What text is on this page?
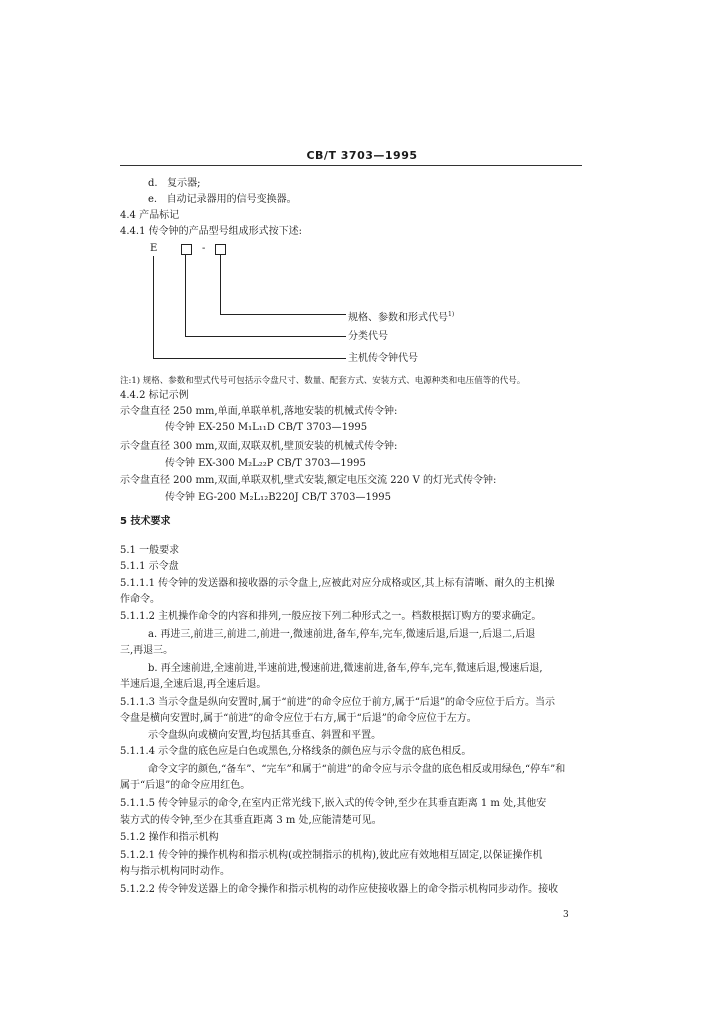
CB/T 3703—1995
d. 复示器;
e. 自动记录器用的信号变换器。
4.4 产品标记
4.4.1 传令钟的产品型号组成形式按下述:
E	-
规格、参数和形式代号$^{1)}$
分类代号
主机传令钟代号
注:1) 规格、参数和型式代号可包括示令盘尺寸、数量、配套方式、安装方式、电源种类和电压值等的代号。
4.4.2 标记示例
示令盘直径 250 mm,单面,单联单机,落地安装的机械式传令钟:
传令钟 EX-250 M₁L₁₁D CB/T 3703—1995
示令盘直径 300 mm,双面,双联双机,壁顶安装的机械式传令钟:
传令钟 EX-300 M₂L₂₂P CB/T 3703—1995
示令盘直径 200 mm,双面,单联双机,壁式安装,额定电压交流 220 V 的灯光式传令钟:
传令钟 EG-200 M₂L₁₂B220J CB/T 3703—1995
5 技术要求
5.1 一般要求
5.1.1 示令盘
5.1.1.1 传令钟的发送器和接收器的示令盘上,应被此对应分成格或区,其上标有清晰、耐久的主机操
作命令。
5.1.1.2 主机操作命令的内容和排列,一般应按下列二种形式之一。档数根据订购方的要求确定。
a. 再进三,前进三,前进二,前进一,微速前进,备车,停车,完车,微速后退,后退一,后退二,后退
三,再退三。
b. 再全速前进,全速前进,半速前进,慢速前进,微速前进,备车,停车,完车,微速后退,慢速后退,
半速后退,全速后退,再全速后退。
5.1.1.3 当示令盘是纵向安置时,属于“前进”的命令应位于前方,属于“后退”的命令应位于后方。当示
令盘是横向安置时,属于“前进”的命令应位于右方,属于“后退”的命令应位于左方。
示令盘纵向或横向安置,均包括其垂直、斜置和平置。
5.1.1.4 示令盘的底色应是白色或黑色,分格线条的颜色应与示令盘的底色相反。
命令文字的颜色,“备车”、“完车”和属于“前进”的命令应与示令盘的底色相反或用绿色,“停车”和
属于“后退”的命令应用红色。
5.1.1.5 传令钟显示的命令,在室内正常光线下,嵌入式的传令钟,至少在其垂直距离 1 m 处,其他安
装方式的传令钟,至少在其垂直距离 3 m 处,应能清楚可见。
5.1.2 操作和指示机构
5.1.2.1 传令钟的操作机构和指示机构(或控制指示的机构),彼此应有效地相互固定,以保证操作机
构与指示机构同时动作。
5.1.2.2 传令钟发送器上的命令操作和指示机构的动作应使接收器上的命令指示机构同步动作。接收
3
